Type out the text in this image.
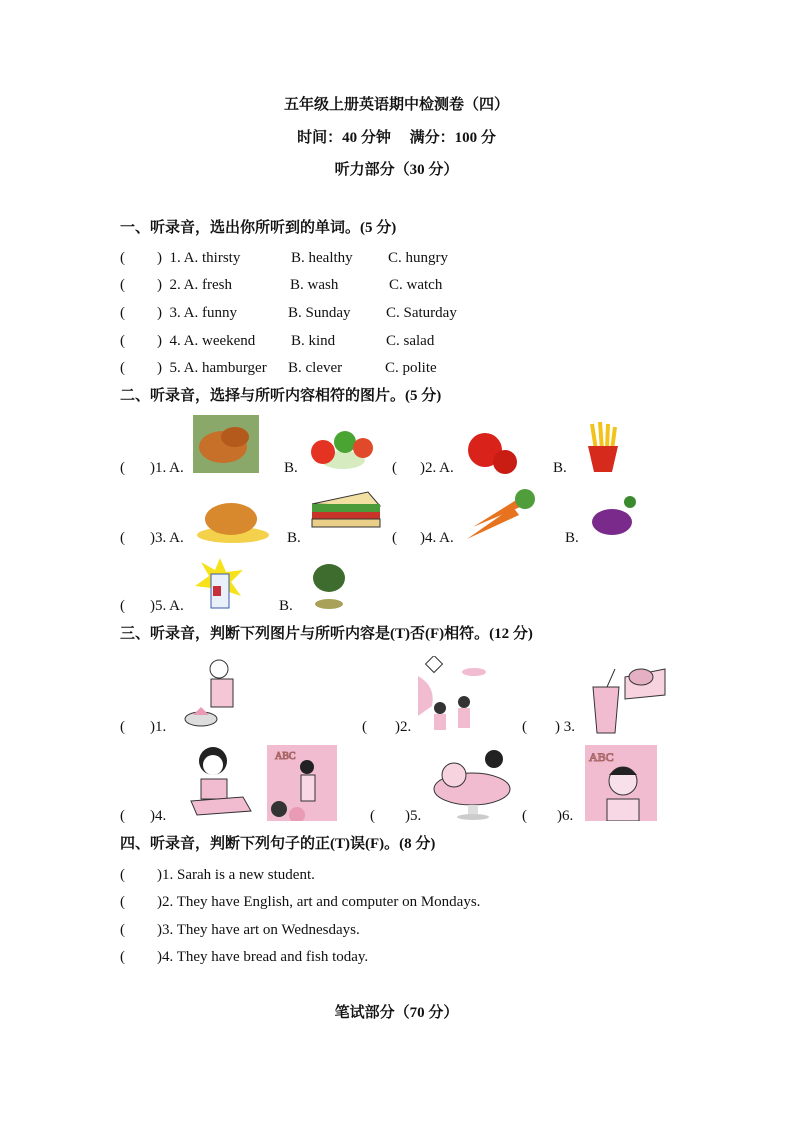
五年级上册英语期中检测卷（四）
时间：40 分钟　 满分：100 分
听力部分（30 分）
一、听录音，选出你所听到的单词。(5 分)
( )  1. A. thirsty	B. healthy C. hungry
( )  2. A. fresh	B. wash	C. watch
( )  3. A. funny	B. Sunday C. Saturday
( )  4. A. weekend B. kind	C. salad
( )  5. A. hamburger B. clever	C. polite
二、听录音，选择与所听内容相符的图片。(5 分)
( )1. A.	B.	( )2. A.	B.
( )3. A.	B.	( )4. A.	B.
( )5. A.	B.
三、听录音，判断下列图片与所听内容是(T)否(F)相符。(12 分)
( )1.	( )2.	( ) 3.
( )4.
ABC
( )5.	( )6.
ABC
四、听录音，判断下列句子的正(T)误(F)。(8 分)
( )1. Sarah is a new student.
( )2. They have English, art and computer on Mondays.
( )3. They have art on Wednesdays.
( )4. They have bread and fish today.
笔试部分（70 分）
